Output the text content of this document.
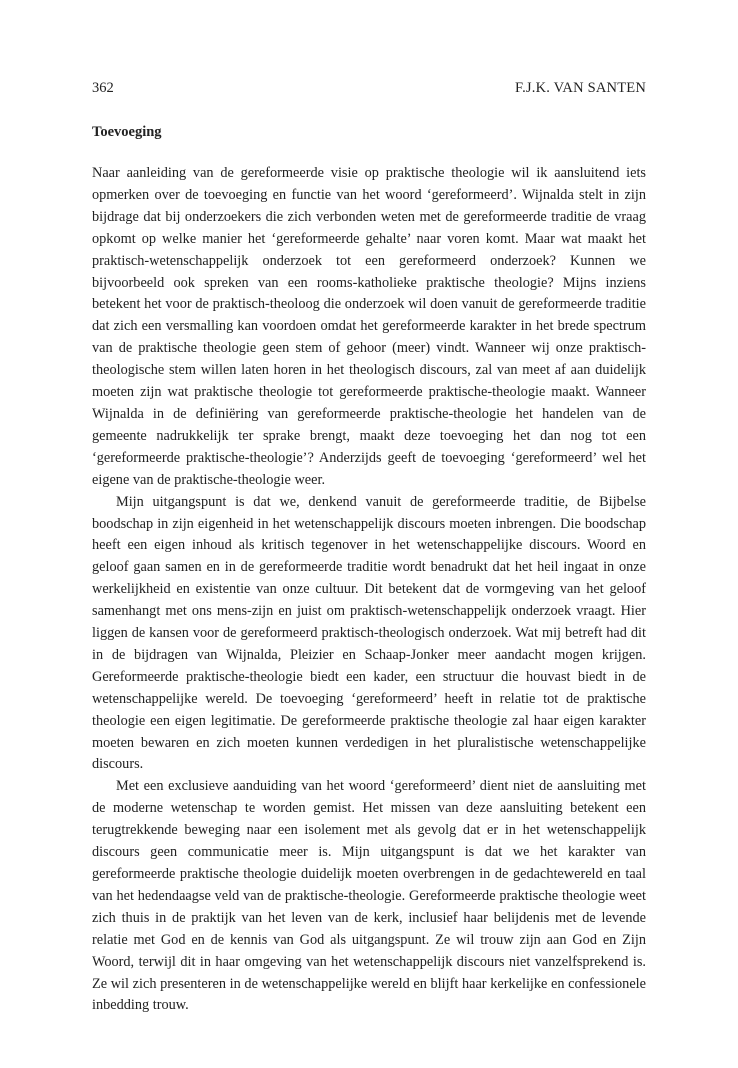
362	F.J.K. VAN SANTEN
Toevoeging

Naar aanleiding van de gereformeerde visie op praktische theologie wil ik aansluitend iets opmerken over de toevoeging en functie van het woord ‘gereformeerd’. Wijnalda stelt in zijn bijdrage dat bij onderzoekers die zich verbonden weten met de gereformeerde traditie de vraag opkomt op welke manier het ‘gereformeerde gehalte’ naar voren komt. Maar wat maakt het praktisch-wetenschappelijk onderzoek tot een gereformeerd onderzoek? Kunnen we bijvoorbeeld ook spreken van een rooms-katholieke praktische theologie? Mijns inziens betekent het voor de praktisch-theoloog die onderzoek wil doen vanuit de gereformeerde traditie dat zich een versmalling kan voordoen omdat het gereformeerde karakter in het brede spectrum van de praktische theologie geen stem of gehoor (meer) vindt. Wanneer wij onze praktisch-theologische stem willen laten horen in het theologisch discours, zal van meet af aan duidelijk moeten zijn wat praktische theologie tot gereformeerde praktische-theologie maakt. Wanneer Wijnalda in de definiëring van gereformeerde praktische-theologie het handelen van de gemeente nadrukkelijk ter sprake brengt, maakt deze toevoeging het dan nog tot een ‘gereformeerde praktische-theologie’? Anderzijds geeft de toevoeging ‘gereformeerd’ wel het eigene van de praktische-theologie weer.

Mijn uitgangspunt is dat we, denkend vanuit de gereformeerde traditie, de Bijbelse boodschap in zijn eigenheid in het wetenschappelijk discours moeten inbrengen. Die boodschap heeft een eigen inhoud als kritisch tegenover in het wetenschappelijke discours. Woord en geloof gaan samen en in de gereformeerde traditie wordt benadrukt dat het heil ingaat in onze werkelijkheid en existentie van onze cultuur. Dit betekent dat de vormgeving van het geloof samenhangt met ons mens-zijn en juist om praktisch-wetenschappelijk onderzoek vraagt. Hier liggen de kansen voor de gereformeerd praktisch-theologisch onderzoek. Wat mij betreft had dit in de bijdragen van Wijnalda, Pleizier en Schaap-Jonker meer aandacht mogen krijgen. Gereformeerde praktische-theologie biedt een kader, een structuur die houvast biedt in de wetenschappelijke wereld. De toevoeging ‘gereformeerd’ heeft in relatie tot de praktische theologie een eigen legitimatie. De gereformeerde praktische theologie zal haar eigen karakter moeten bewaren en zich moeten kunnen verdedigen in het pluralistische wetenschappelijke discours.

Met een exclusieve aanduiding van het woord ‘gereformeerd’ dient niet de aansluiting met de moderne wetenschap te worden gemist. Het missen van deze aansluiting betekent een terugtrekkende beweging naar een isolement met als gevolg dat er in het wetenschappelijk discours geen communicatie meer is. Mijn uitgangspunt is dat we het karakter van gereformeerde praktische theologie duidelijk moeten overbrengen in de gedachtewereld en taal van het hedendaagse veld van de praktische-theologie. Gereformeerde praktische theologie weet zich thuis in de praktijk van het leven van de kerk, inclusief haar belijdenis met de levende relatie met God en de kennis van God als uitgangspunt. Ze wil trouw zijn aan God en Zijn Woord, terwijl dit in haar omgeving van het wetenschappelijk discours niet vanzelfsprekend is. Ze wil zich presenteren in de wetenschappelijke wereld en blijft haar kerkelijke en confessionele inbedding trouw.
